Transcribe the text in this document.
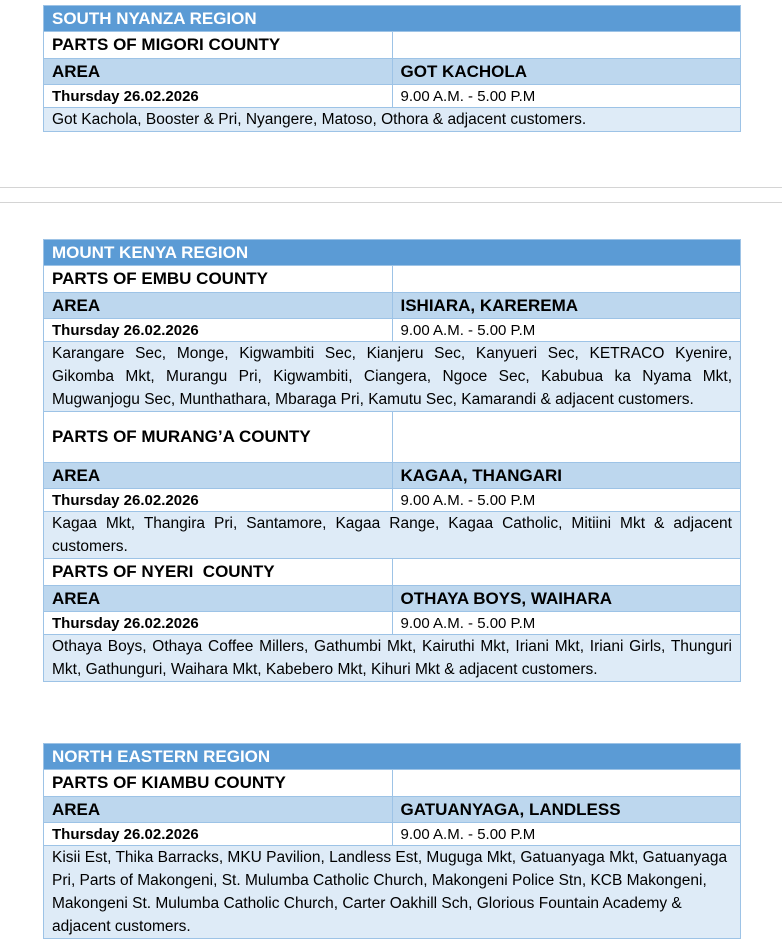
SOUTH NYANZA REGION	
PARTS OF MIGORI COUNTY	
AREA	GOT KACHOLA
Thursday 26.02.2026	9.00 A.M. - 5.00 P.M
Got Kachola, Booster & Pri, Nyangere, Matoso, Othora & adjacent customers.	
MOUNT KENYA REGION	
PARTS OF EMBU COUNTY	
AREA	ISHIARA, KAREREMA
Thursday 26.02.2026	9.00 A.M. - 5.00 P.M
Karangare Sec, Monge, Kigwambiti Sec, Kianjeru Sec, Kanyueri Sec, KETRACO Kyenire, Gikomba Mkt, Murangu Pri, Kigwambiti, Ciangera, Ngoce Sec, Kabubua ka Nyama Mkt, Mugwanjogu Sec, Munthathara, Mbaraga Pri, Kamutu Sec, Kamarandi & adjacent customers.	
PARTS OF MURANG’A COUNTY	
AREA	KAGAA, THANGARI
Thursday 26.02.2026	9.00 A.M. - 5.00 P.M
Kagaa Mkt, Thangira Pri, Santamore, Kagaa Range, Kagaa Catholic, Mitiini Mkt & adjacent customers.	
PARTS OF NYERI  COUNTY	
AREA	OTHAYA BOYS, WAIHARA
Thursday 26.02.2026	9.00 A.M. - 5.00 P.M
Othaya Boys, Othaya Coffee Millers, Gathumbi Mkt, Kairuthi Mkt, Iriani Mkt, Iriani Girls, Thunguri Mkt, Gathunguri, Waihara Mkt, Kabebero Mkt, Kihuri Mkt & adjacent customers.	
NORTH EASTERN REGION	
PARTS OF KIAMBU COUNTY	
AREA	GATUANYAGA, LANDLESS
Thursday 26.02.2026	9.00 A.M. - 5.00 P.M
Kisii Est, Thika Barracks, MKU Pavilion, Landless Est, Muguga Mkt, Gatuanyaga Mkt, Gatuanyaga Pri, Parts of Makongeni, St. Mulumba Catholic Church, Makongeni Police Stn, KCB Makongeni, Makongeni St. Mulumba Catholic Church, Carter Oakhill Sch, Glorious Fountain Academy & adjacent customers.	
